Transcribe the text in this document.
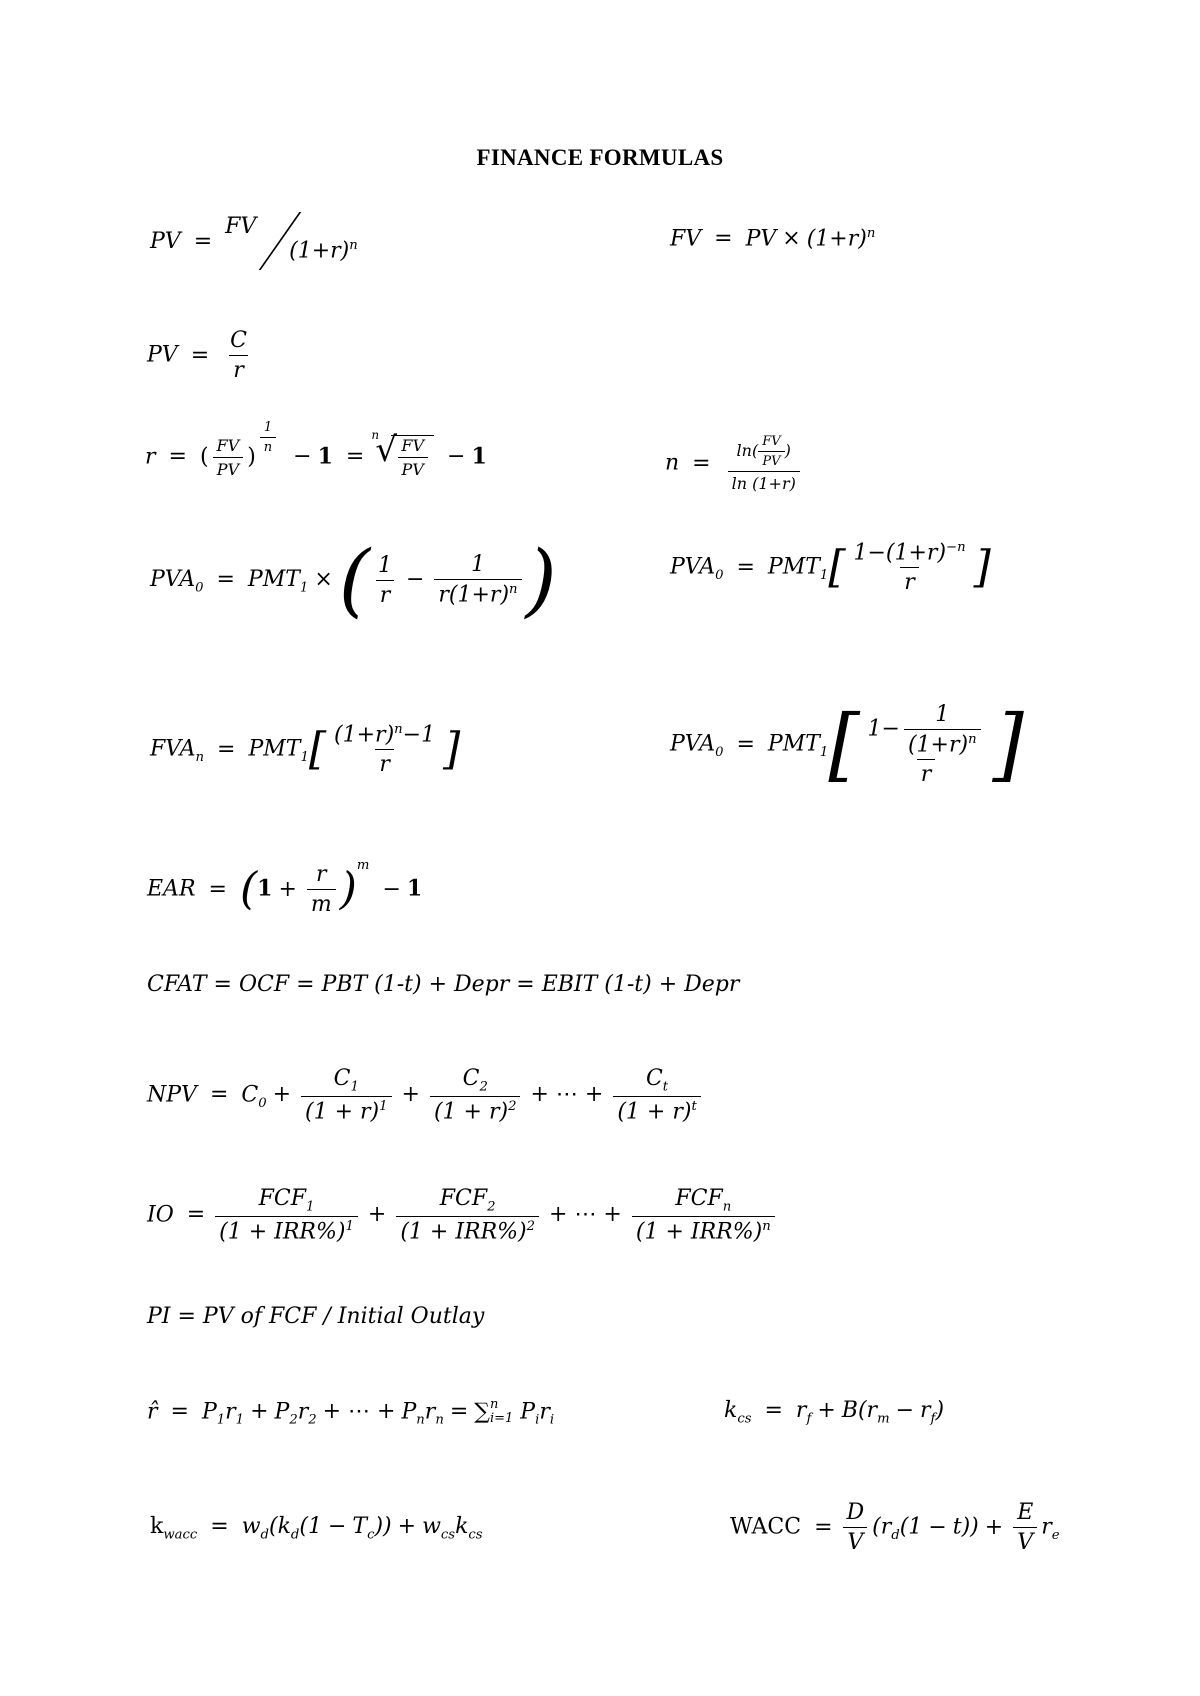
FINANCE FORMULAS
PV =
FV
$(1+r)^n$	FV = PV × $(1+r)^n$
PV = $\frac{C}{r}$
r = ( $\frac{FV}{PV}$ )
$^{\frac{1}{n}}$
− 1 =
√ n
$\frac{FV}{PV} - 1$	$n = \frac{\ln( \frac{FV}{PV} )}{\ln (1+r)}$
$PVA_0 = PMT_1$ ×( $\frac{1}{r} - \frac{1}{r(1+r)^n}$ )	$PVA_0 = PMT_1[ \frac{1-(1+r)^{-n}}{r}$ ]
$FVA_n = PMT_1[ \frac{(1+r)^n-1}{r}$ ]	$PVA_0 = PMT_1[ \frac{1- \frac{1}{(1+r)^n}}{r}$ ]
EAR = $(1 + \frac{r}{m} )^m - 1$
CFAT = OCF = PBT (1-t) + Depr = EBIT (1-t) + Depr
NPV = $C_0 + \frac{C_1}{(1 + r)^1} + \frac{C_2}{(1 + r)^2}$ + ⋯ + $\frac{C_t}{(1 + r)^t}$
IO = $\frac{FCF_1}{(1 + IRR\%)^1} + \frac{FCF_2}{(1 + IRR\%)^2}$ + ⋯ + $\frac{FCF_n}{(1 + IRR\%)^n}$
PI = PV of FCF / Initial Outlay
r̂ = $P_1r_1 + P_2r_2$ + ⋯ + $P_nr_n$ = ∑ n
i=1 $P_ir_i$	$k_{cs} = r_f + B(r_m - r_f)$
$k_{wacc} = w_d(k_d(1 - T_c)) + w_{cs}k_{cs}$	WACC = $\frac{D}{V} (r_d(1 - t)) + \frac{E}{V} r_e$
